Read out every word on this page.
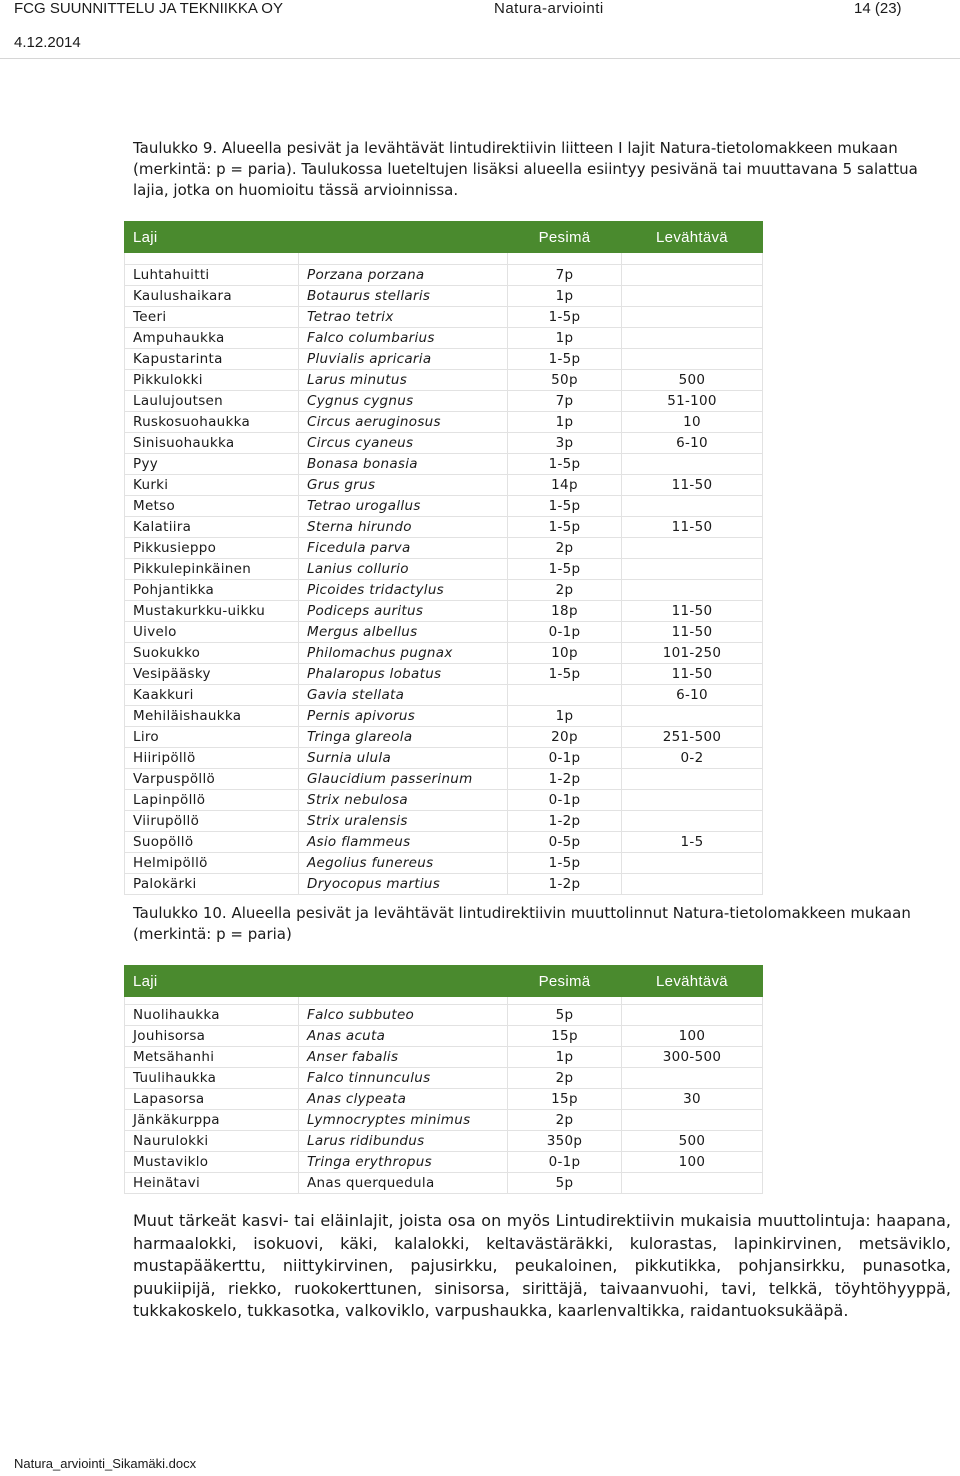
FCG SUUNNITTELU JA TEKNIIKKA OY	Natura-arviointi	14 (23)
4.12.2014
Taulukko 9. Alueella pesivät ja levähtävät lintudirektiivin liitteen I lajit Natura-tietolomakkeen mukaan (merkintä: p = paria). Taulukossa lueteltujen lisäksi alueella esiintyy pesivänä tai muuttavana 5 salattua lajia, jotka on huomioitu tässä arvioinnissa.
Laji		Pesimä	Levähtävä

Luhtahuitti	Porzana porzana	7p	
Kaulushaikara	Botaurus stellaris	1p	
Teeri	Tetrao tetrix	1-5p	
Ampuhaukka	Falco columbarius	1p	
Kapustarinta	Pluvialis apricaria	1-5p	
Pikkulokki	Larus minutus	50p	500
Laulujoutsen	Cygnus cygnus	7p	51-100
Ruskosuohaukka	Circus aeruginosus	1p	10
Sinisuohaukka	Circus cyaneus	3p	6-10
Pyy	Bonasa bonasia	1-5p	
Kurki	Grus grus	14p	11-50
Metso	Tetrao urogallus	1-5p	
Kalatiira	Sterna hirundo	1-5p	11-50
Pikkusieppo	Ficedula parva	2p	
Pikkulepinkäinen	Lanius collurio	1-5p	
Pohjantikka	Picoides tridactylus	2p	
Mustakurkku-uikku	Podiceps auritus	18p	11-50
Uivelo	Mergus albellus	0-1p	11-50
Suokukko	Philomachus pugnax	10p	101-250
Vesipääsky	Phalaropus lobatus	1-5p	11-50
Kaakkuri	Gavia stellata		6-10
Mehiläishaukka	Pernis apivorus	1p	
Liro	Tringa glareola	20p	251-500
Hiiripöllö	Surnia ulula	0-1p	0-2
Varpuspöllö	Glaucidium passerinum	1-2p	
Lapinpöllö	Strix nebulosa	0-1p	
Viirupöllö	Strix uralensis	1-2p	
Suopöllö	Asio flammeus	0-5p	1-5
Helmipöllö	Aegolius funereus	1-5p	
Palokärki	Dryocopus martius	1-2p	
Taulukko 10. Alueella pesivät ja levähtävät lintudirektiivin muuttolinnut Natura-tietolomakkeen mukaan (merkintä: p = paria)
Laji		Pesimä	Levähtävä

Nuolihaukka	Falco subbuteo	5p	
Jouhisorsa	Anas acuta	15p	100
Metsähanhi	Anser fabalis	1p	300-500
Tuulihaukka	Falco tinnunculus	2p	
Lapasorsa	Anas clypeata	15p	30
Jänkäkurppa	Lymnocryptes minimus	2p	
Naurulokki	Larus ridibundus	350p	500
Mustaviklo	Tringa erythropus	0-1p	100
Heinätavi	Anas querquedula	5p	
Muut tärkeät kasvi- tai eläinlajit, joista osa on myös Lintudirektiivin mukaisia muuttolintuja: haapana, harmaalokki, isokuovi, käki, kalalokki, keltavästäräkki, kulorastas, lapinkirvinen, metsäviklo, mustapääkerttu, niittykirvinen, pajusirkku, peukaloinen, pikkutikka, pohjansirkku, punasotka, puukiipijä, riekko, ruokokerttunen, sinisorsa, sirittäjä, taivaanvuohi, tavi, telkkä, töyhtöhyyppä, tukkakoskelo, tukkasotka, valkoviklo, varpushaukka, kaarlenvaltikka, raidantuoksukääpä.
Natura_arviointi_Sikamäki.docx
